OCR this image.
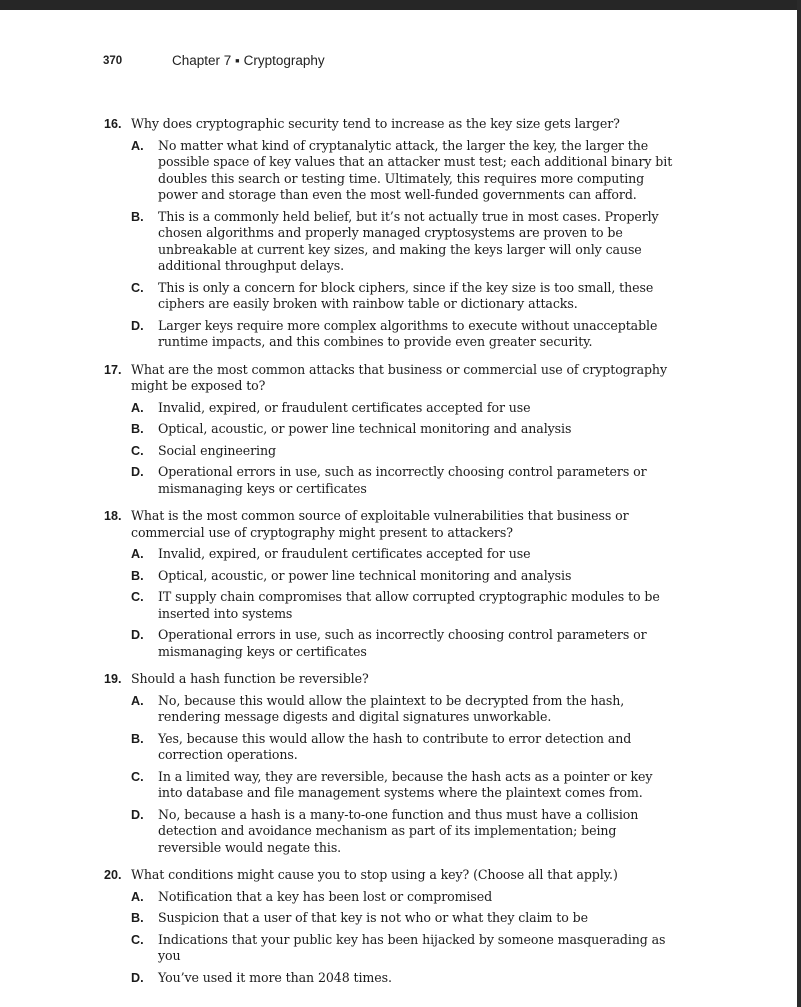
370	Chapter 7 ▪ Cryptography
16. Why does cryptographic security tend to increase as the key size gets larger?
A. No matter what kind of cryptanalytic attack, the larger the key, the larger the possible space of key values that an attacker must test; each additional binary bit doubles this search or testing time. Ultimately, this requires more computing power and storage than even the most well-funded governments can afford.
B. This is a commonly held belief, but it’s not actually true in most cases. Properly chosen algorithms and properly managed cryptosystems are proven to be unbreakable at current key sizes, and making the keys larger will only cause additional throughput delays.
C. This is only a concern for block ciphers, since if the key size is too small, these ciphers are easily broken with rainbow table or dictionary attacks.
D. Larger keys require more complex algorithms to execute without unacceptable runtime impacts, and this combines to provide even greater security.
17. What are the most common attacks that business or commercial use of cryptography might be exposed to?
A. Invalid, expired, or fraudulent certificates accepted for use
B. Optical, acoustic, or power line technical monitoring and analysis
C. Social engineering
D. Operational errors in use, such as incorrectly choosing control parameters or mismanaging keys or certificates
18. What is the most common source of exploitable vulnerabilities that business or commercial use of cryptography might present to attackers?
A. Invalid, expired, or fraudulent certificates accepted for use
B. Optical, acoustic, or power line technical monitoring and analysis
C. IT supply chain compromises that allow corrupted cryptographic modules to be inserted into systems
D. Operational errors in use, such as incorrectly choosing control parameters or mismanaging keys or certificates
19. Should a hash function be reversible?
A. No, because this would allow the plaintext to be decrypted from the hash, rendering message digests and digital signatures unworkable.
B. Yes, because this would allow the hash to contribute to error detection and correction operations.
C. In a limited way, they are reversible, because the hash acts as a pointer or key into database and file management systems where the plaintext comes from.
D. No, because a hash is a many-to-one function and thus must have a collision detection and avoidance mechanism as part of its implementation; being reversible would negate this.
20. What conditions might cause you to stop using a key? (Choose all that apply.)
A. Notification that a key has been lost or compromised
B. Suspicion that a user of that key is not who or what they claim to be
C. Indications that your public key has been hijacked by someone masquerading as you
D. You’ve used it more than 2048 times.
